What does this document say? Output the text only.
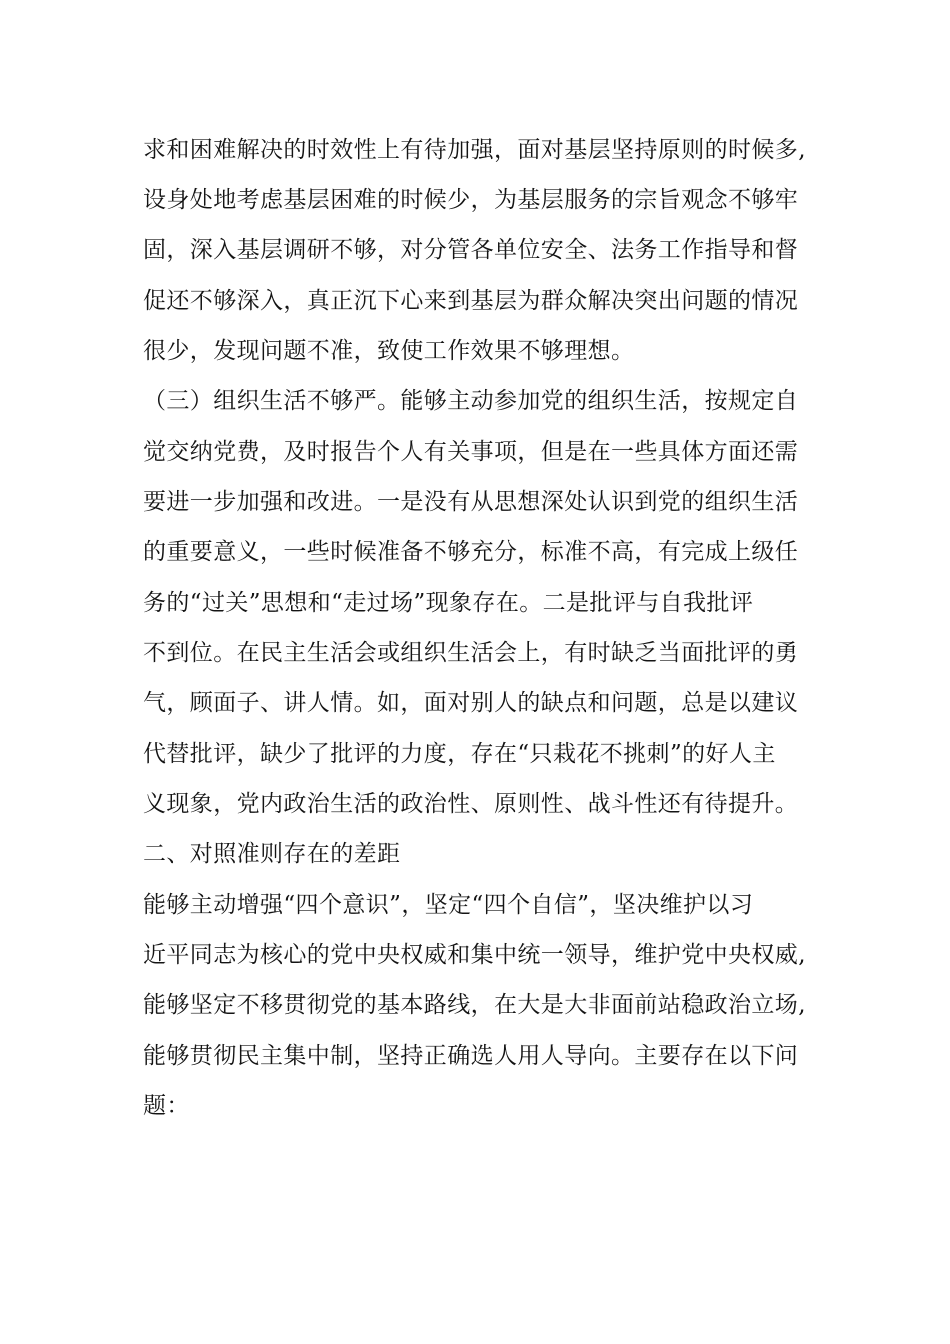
求和困难解决的时效性上有待加强，面对基层坚持原则的时候多,
设身处地考虑基层困难的时候少，为基层服务的宗旨观念不够牢
固，深入基层调研不够，对分管各单位安全、法务工作指导和督
促还不够深入，真正沉下心来到基层为群众解决突出问题的情况
很少，发现问题不准，致使工作效果不够理想。
（三）组织生活不够严。能够主动参加党的组织生活，按规定自
觉交纳党费，及时报告个人有关事项，但是在一些具体方面还需
要进一步加强和改进。一是没有从思想深处认识到党的组织生活
的重要意义，一些时候准备不够充分，标准不高，有完成上级任
务的“过关”思想和“走过场”现象存在。二是批评与自我批评
不到位。在民主生活会或组织生活会上，有时缺乏当面批评的勇
气，顾面子、讲人情。如，面对别人的缺点和问题，总是以建议
代替批评，缺少了批评的力度，存在“只栽花不挑刺”的好人主
义现象，党内政治生活的政治性、原则性、战斗性还有待提升。
二、对照准则存在的差距
能够主动增强“四个意识”，坚定“四个自信”，坚决维护以习
近平同志为核心的党中央权威和集中统一领导，维护党中央权威,
能够坚定不移贯彻党的基本路线，在大是大非面前站稳政治立场,
能够贯彻民主集中制，坚持正确选人用人导向。主要存在以下问
题：
